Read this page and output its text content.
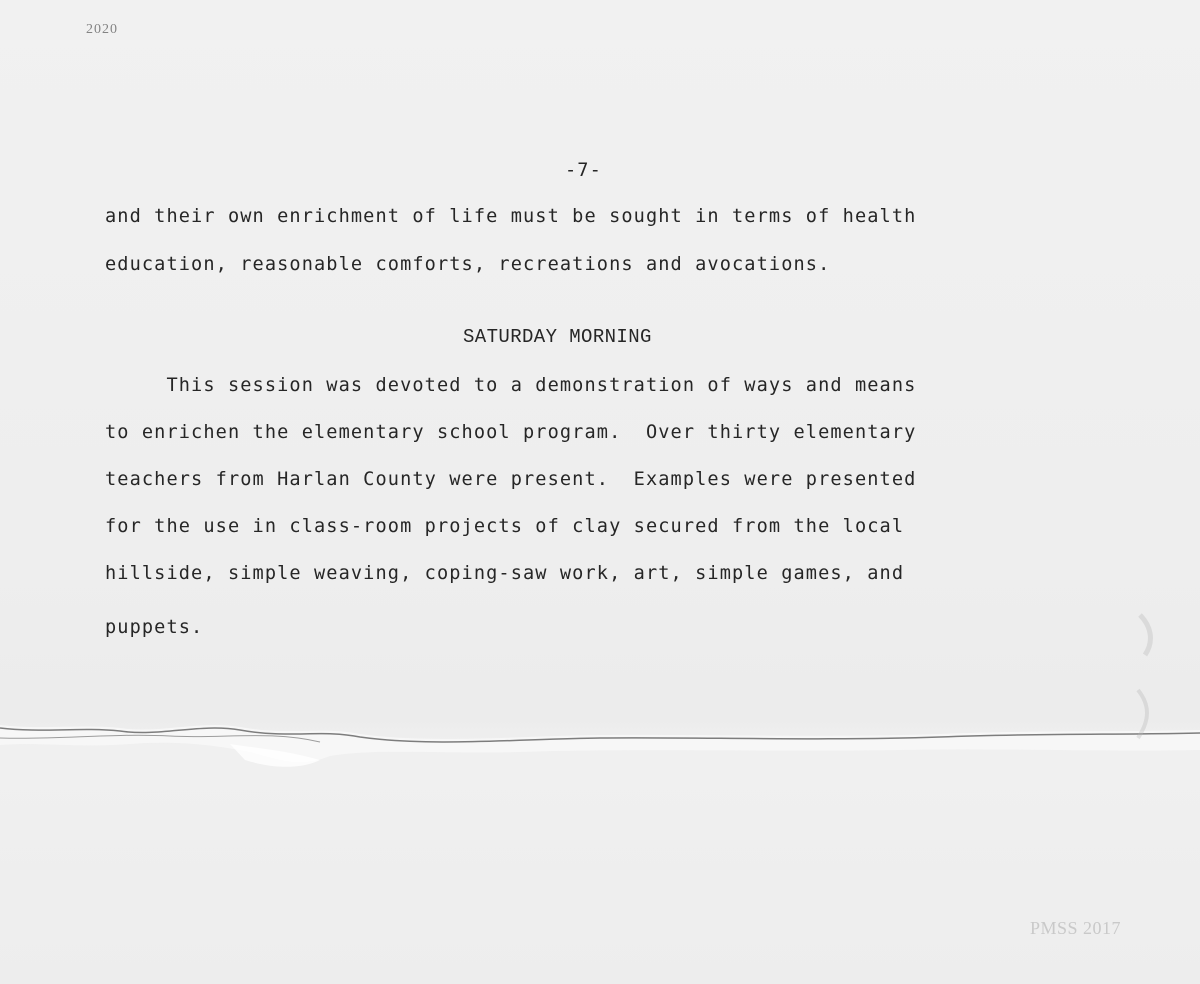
2020
-7-
and their own enrichment of life must be sought in terms of health
education, reasonable comforts, recreations and avocations.
SATURDAY MORNING
This session was devoted to a demonstration of ways and means
to enrichen the elementary school program.  Over thirty elementary
teachers from Harlan County were present.  Examples were presented
for the use in class-room projects of clay secured from the local
hillside, simple weaving, coping-saw work, art, simple games, and
puppets.
PMSS 2017
